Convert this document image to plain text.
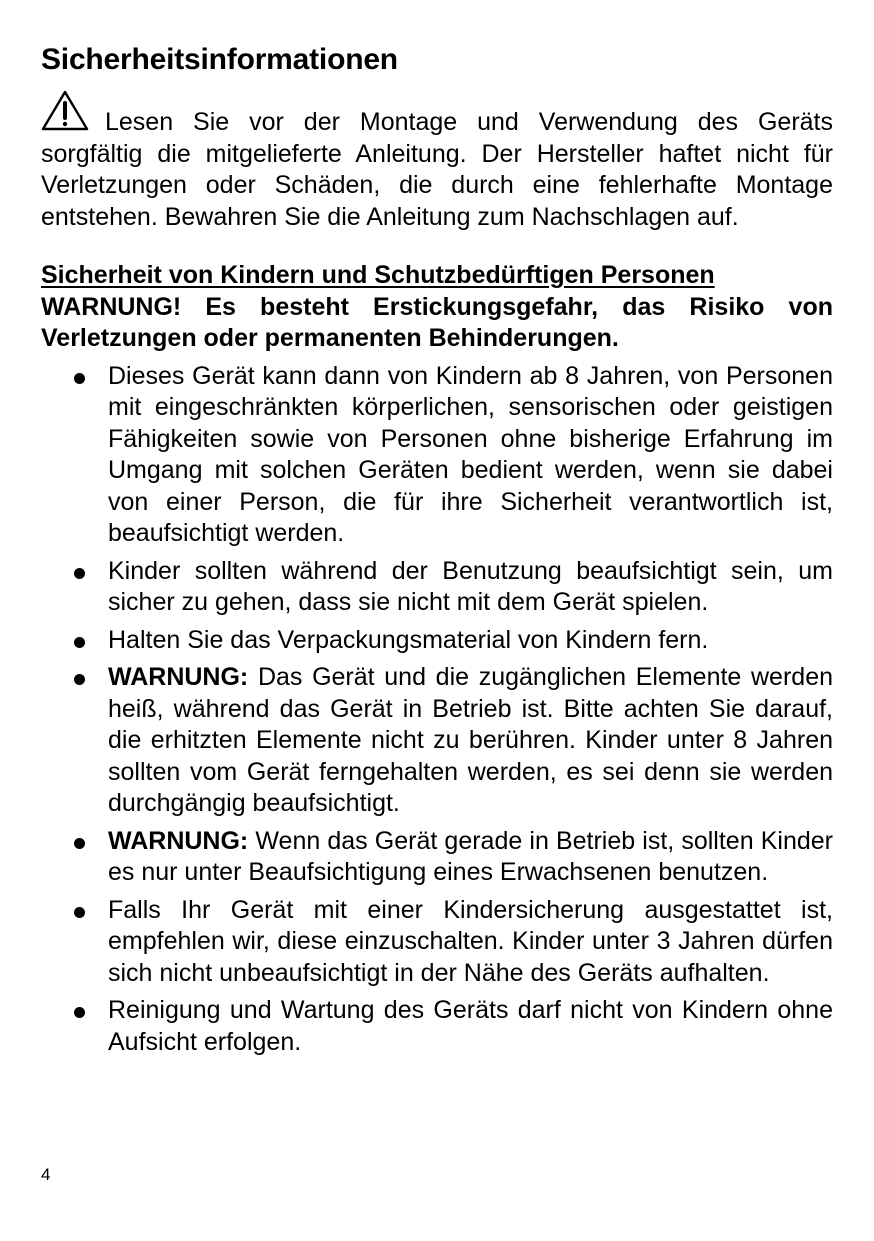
Sicherheitsinformationen

Lesen Sie vor der Montage und Verwendung des Geräts sorgfältig die mitgelieferte Anleitung. Der Hersteller haftet nicht für Verletzungen oder Schäden, die durch eine fehlerhafte Montage entstehen. Bewahren Sie die Anleitung zum Nachschlagen auf.

Sicherheit von Kindern und Schutzbedürftigen Personen

WARNUNG! Es besteht Erstickungsgefahr, das Risiko von Verletzungen oder permanenten Behinderungen.

Dieses Gerät kann dann von Kindern ab 8 Jahren, von Personen mit eingeschränkten körperlichen, sensorischen oder geistigen Fähigkeiten sowie von Personen ohne bisherige Erfahrung im Umgang mit solchen Geräten bedient werden, wenn sie dabei von einer Person, die für ihre Sicherheit verantwortlich ist, beaufsichtigt werden.
Kinder sollten während der Benutzung beaufsichtigt sein, um sicher zu gehen, dass sie nicht mit dem Gerät spielen.
Halten Sie das Verpackungsmaterial von Kindern fern.
WARNUNG: Das Gerät und die zugänglichen Elemente werden heiß, während das Gerät in Betrieb ist. Bitte achten Sie darauf, die erhitzten Elemente nicht zu berühren. Kinder unter 8 Jahren sollten vom Gerät ferngehalten werden, es sei denn sie werden durchgängig beaufsichtigt.
WARNUNG: Wenn das Gerät gerade in Betrieb ist, sollten Kinder es nur unter Beaufsichtigung eines Erwachsenen benutzen.
Falls Ihr Gerät mit einer Kindersicherung ausgestattet ist, empfehlen wir, diese einzuschalten. Kinder unter 3 Jahren dürfen sich nicht unbeaufsichtigt in der Nähe des Geräts aufhalten.
Reinigung und Wartung des Geräts darf nicht von Kindern ohne Aufsicht erfolgen.
4
